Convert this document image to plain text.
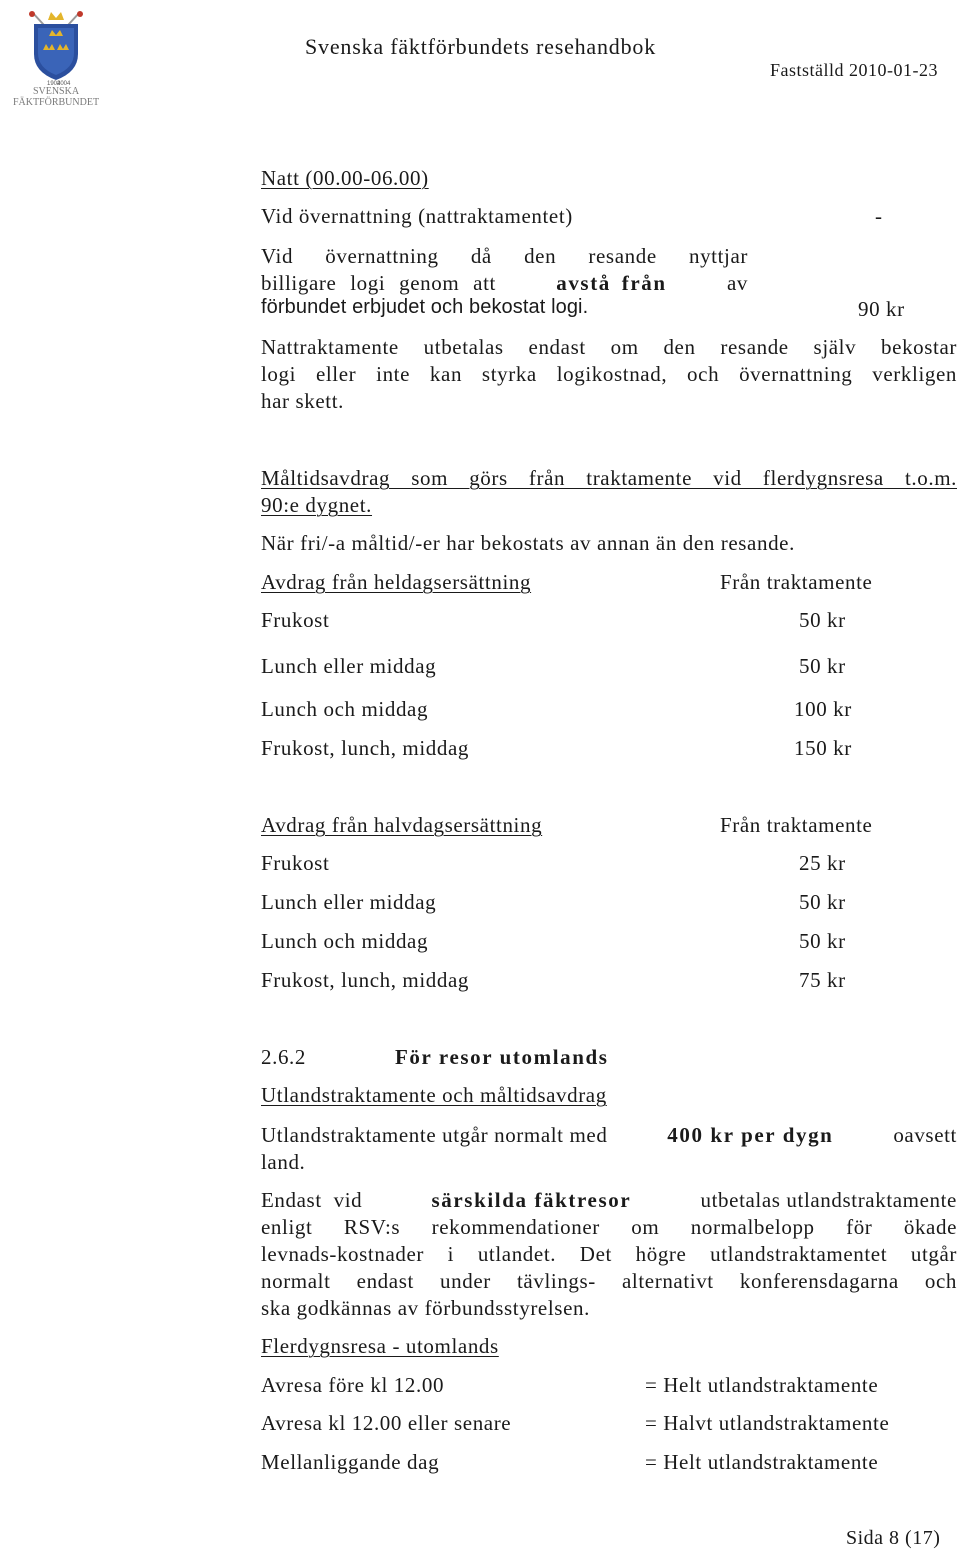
1904
2004
SVENSKA
FÄKTFÖRBUNDET
Svenska fäktförbundets resehandbok
Fastställd 2010-01-23
Natt (00.00-06.00)
Vid övernattning (nattraktamentet)	-
Vid övernattning då den resande nyttjar
billigare logi genom att	avstå från	av
förbundet erbjudet och bekostat logi.	90 kr
Nattraktamente utbetalas endast om den resande själv bekostar
logi eller inte kan styrka logikostnad, och övernattning verkligen
har skett.
Måltidsavdrag som görs från traktamente vid flerdygnsresa t.o.m.
90:e dygnet.
När fri/-a måltid/-er har bekostats av annan än den resande.
Avdrag från heldagsersättning	Från traktamente
Frukost	50 kr
Lunch eller middag	50 kr
Lunch och middag	100 kr
Frukost, lunch, middag	150 kr
Avdrag från halvdagsersättning	Från traktamente
Frukost	25 kr
Lunch eller middag	50 kr
Lunch och middag	50 kr
Frukost, lunch, middag	75 kr
2.6.2	För resor utomlands
Utlandstraktamente och måltidsavdrag
Utlandstraktamente utgår normalt med	400 kr per dygn	oavsett
land.
Endast vid	särskilda fäktresor	utbetalas utlandstraktamente
enligt RSV:s rekommendationer om normalbelopp för ökade
levnads-kostnader i utlandet. Det högre utlandstraktamentet utgår
normalt endast under tävlings- alternativt konferensdagarna och
ska godkännas av förbundsstyrelsen.
Flerdygnsresa - utomlands
Avresa före kl 12.00	= Helt utlandstraktamente
Avresa kl 12.00 eller senare	= Halvt utlandstraktamente
Mellanliggande dag	= Helt utlandstraktamente
Sida 8 (17)
